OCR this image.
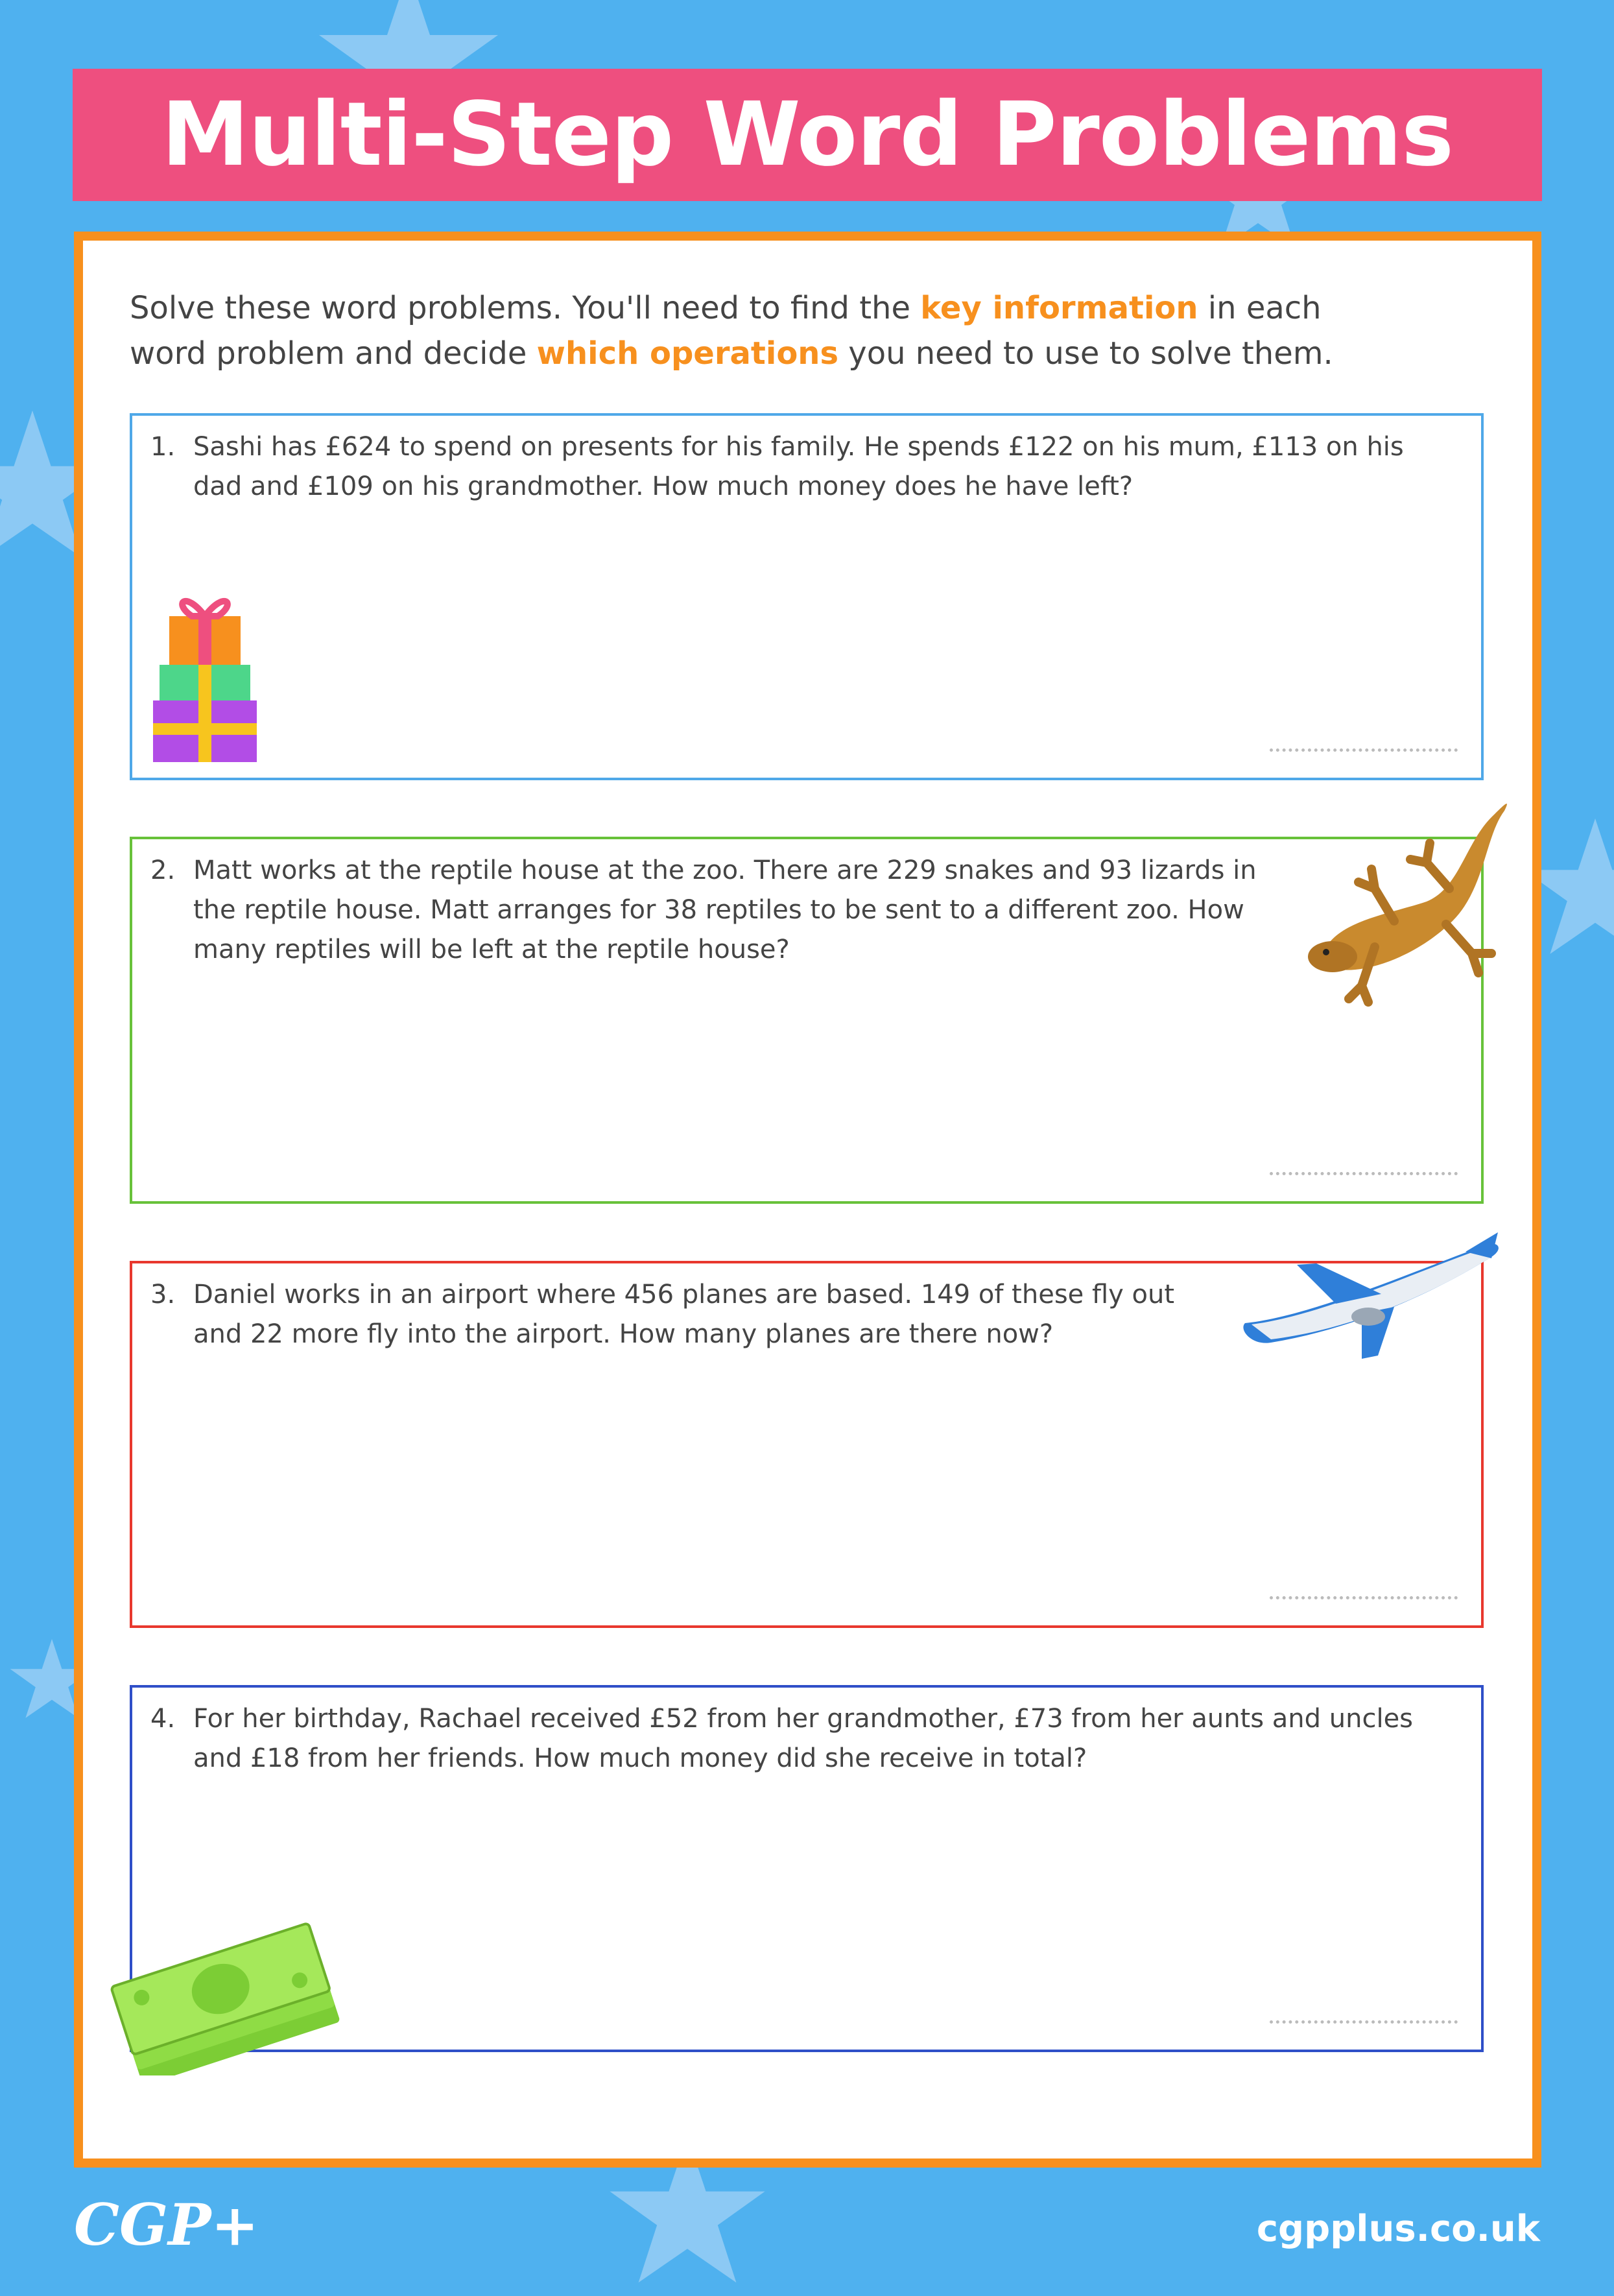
Multi-Step Word Problems
Solve these word problems. You'll need to find the key information in each word problem and decide which operations you need to use to solve them.
1. Sashi has £624 to spend on presents for his family. He spends £122 on his mum, £113 on his dad and £109 on his grandmother. How much money does he have left?
2. Matt works at the reptile house at the zoo. There are 229 snakes and 93 lizards in the reptile house. Matt arranges for 38 reptiles to be sent to a different zoo. How many reptiles will be left at the reptile house?
3. Daniel works in an airport where 456 planes are based. 149 of these fly out and 22 more fly into the airport. How many planes are there now?
4. For her birthday, Rachael received £52 from her grandmother, £73 from her aunts and uncles and £18 from her friends. How much money did she receive in total?
CGP+	cgpplus.co.uk
